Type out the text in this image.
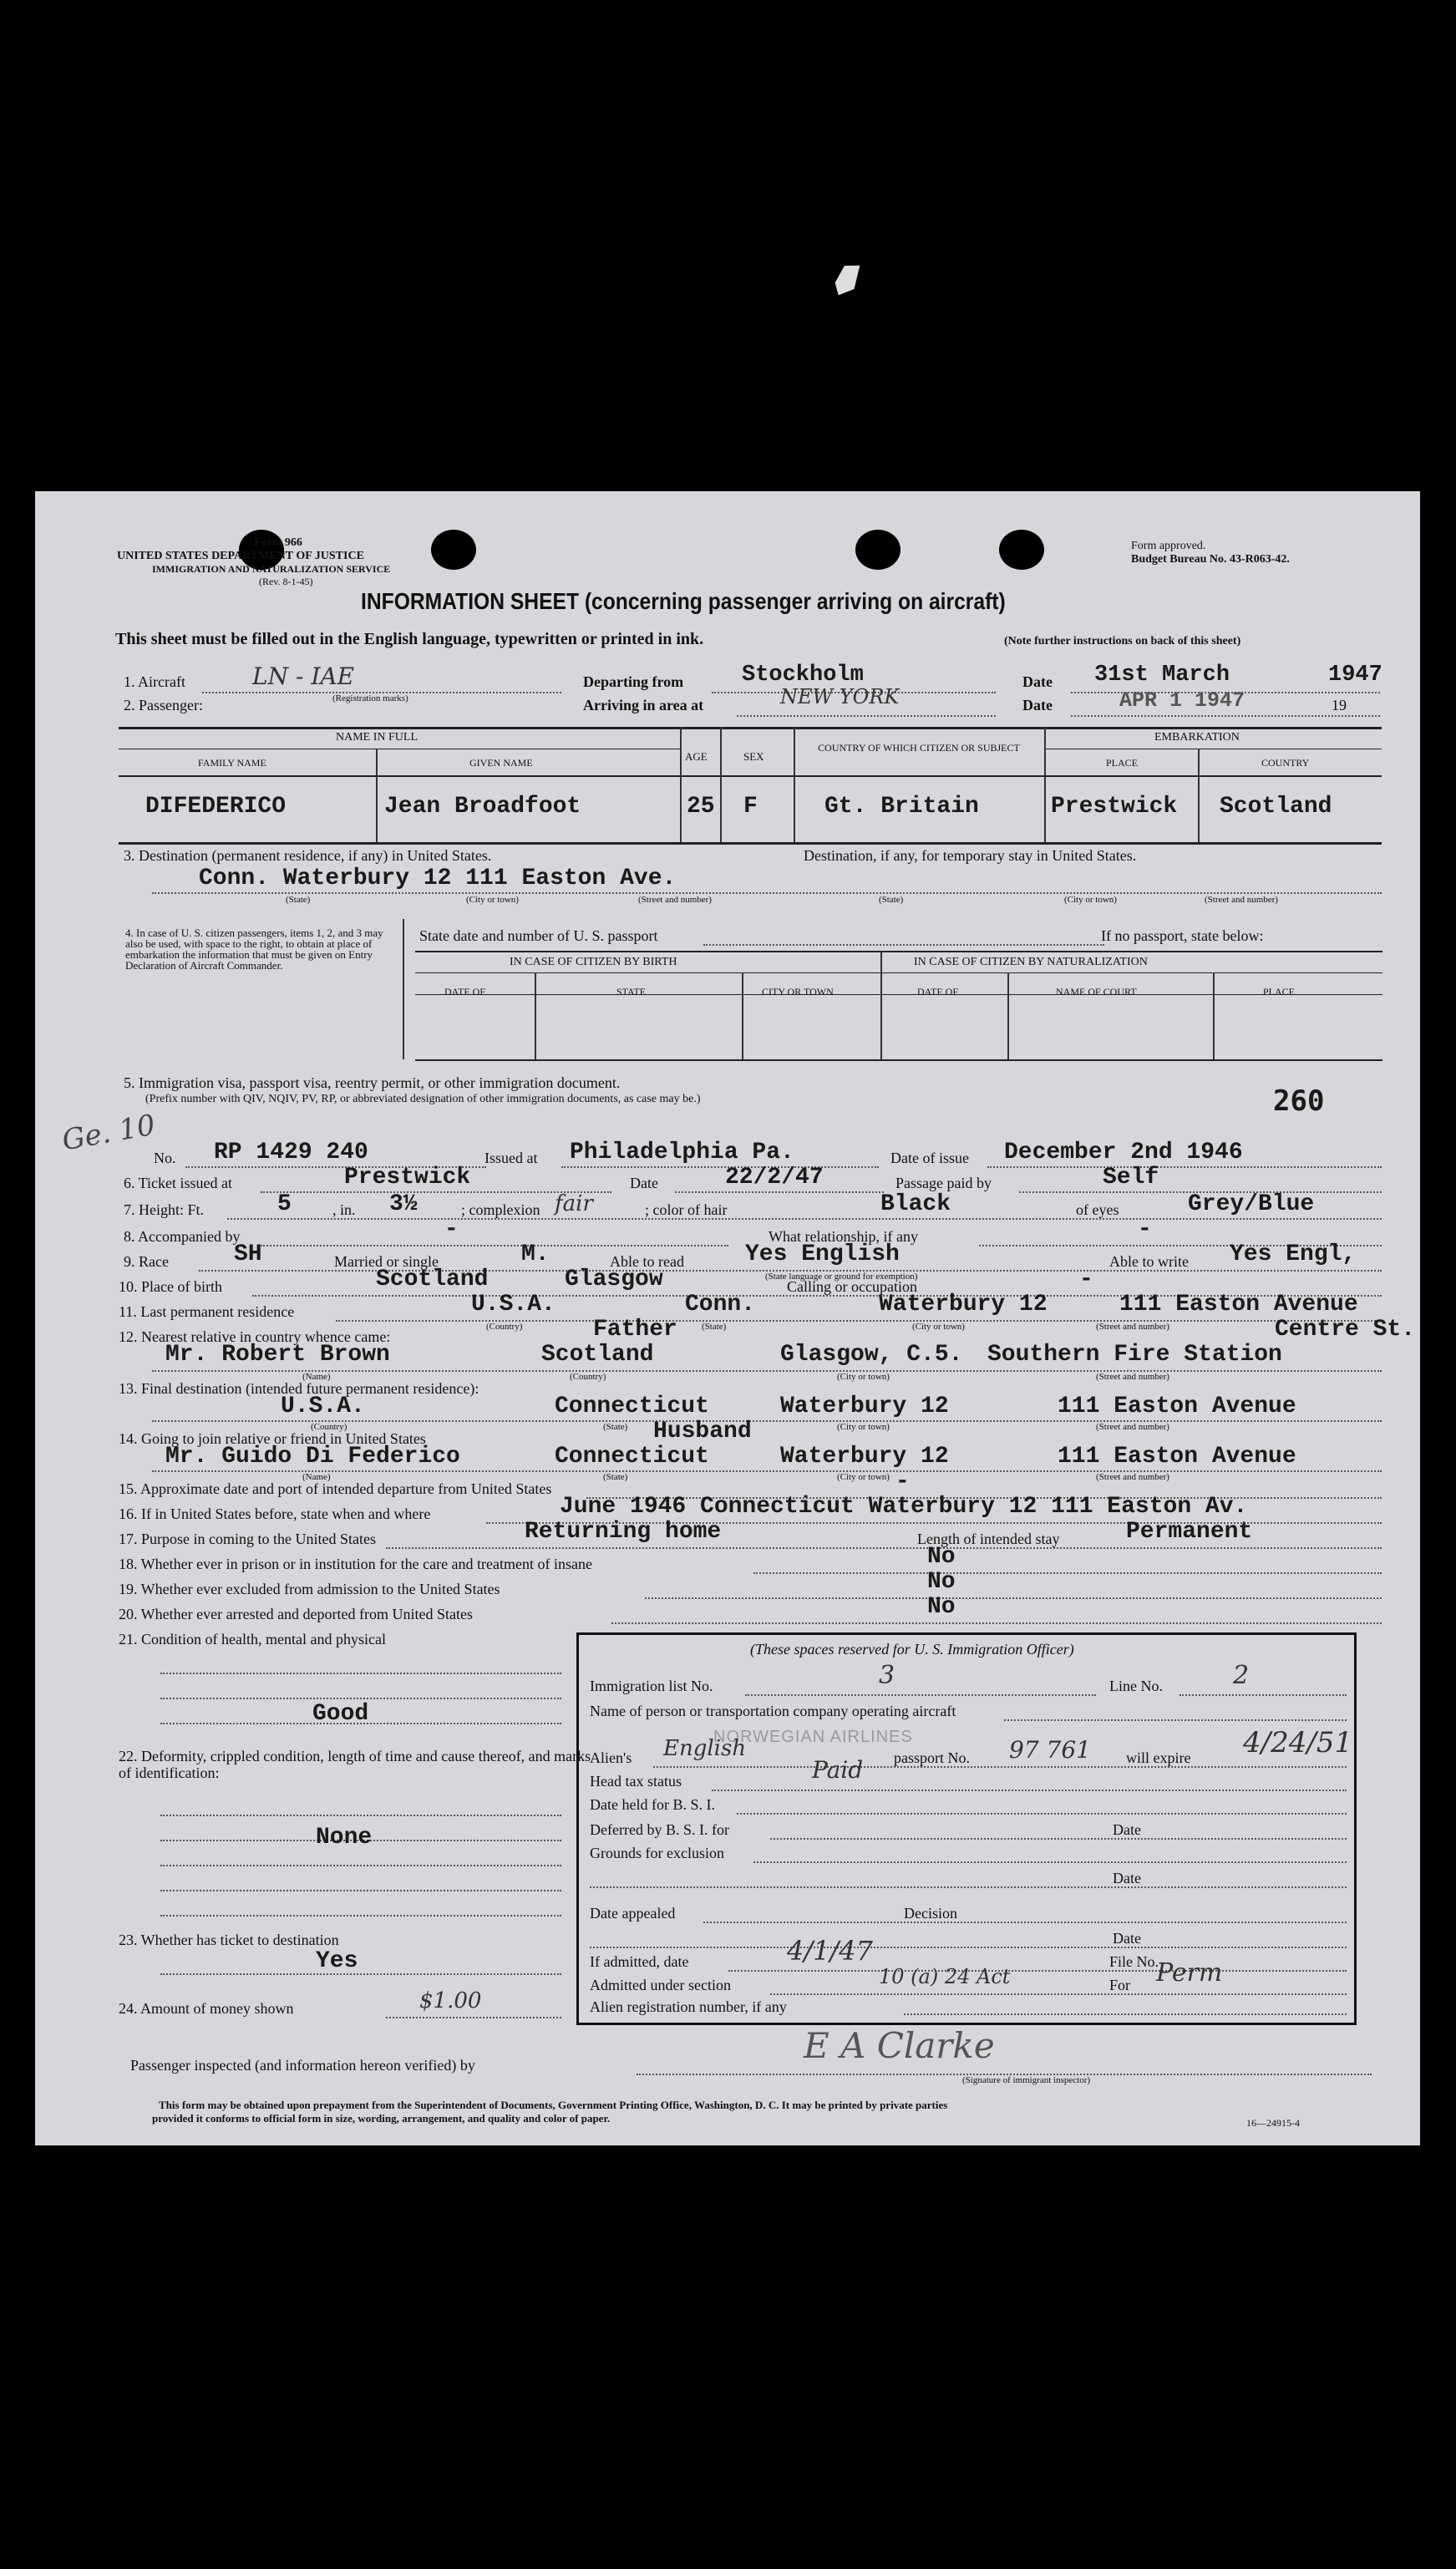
Form 966
UNITED STATES DEPARTMENT OF JUSTICE
IMMIGRATION AND NATURALIZATION SERVICE
(Rev. 8-1-45)
Form approved.
Budget Bureau No. 43-R063-42.
INFORMATION SHEET (concerning passenger arriving on aircraft)
This sheet must be filled out in the English language, typewritten or printed in ink.	(Note further instructions on back of this sheet)
1. Aircraft	LN - IAE
(Registration marks)
2. Passenger:
Departing from	Stockholm
Arriving in area at	NEW YORK
Date 31st March	1947
Date	APR 1 1947	19
NAME IN FULL
FAMILY NAME	GIVEN NAME	AGE	SEX
COUNTRY OF WHICH CITIZEN OR SUBJECT
EMBARKATION
PLACE	COUNTRY
DIFEDERICO	Jean Broadfoot	25 F	Gt. Britain	Prestwick Scotland
3. Destination (permanent residence, if any) in United States.	Destination, if any, for temporary stay in United States.
Conn. Waterbury 12 111 Easton Ave.
(State)	(City or town)	(Street and number)	(State)	(City or town)	(Street and number)
4. In case of U. S. citizen passengers, items 1, 2, and 3 may also be used, with space to the right, to obtain at place of embarkation the information that must be given on Entry Declaration of Aircraft Commander.
State date and number of U. S. passport	If no passport, state below:
IN CASE OF CITIZEN BY BIRTH	IN CASE OF CITIZEN BY NATURALIZATION
DATE OF	STATE	CITY OR TOWN	DATE OF	NAME OF COURT	PLACE
5. Immigration visa, passport visa, reentry permit, or other immigration document.
(Prefix number with QIV, NQIV, PV, RP, or abbreviated designation of other immigration documents, as case may be.)	260
Ge. 10
No. RP 1429 240	Issued at Philadelphia Pa.	Date of issue December 2nd 1946
6. Ticket issued at	Prestwick	Date	22/2/47	Passage paid by	Self
7. Height: Ft.	5	, in. 3½	; complexion fair	; color of hair	Black	of eyes	Grey/Blue
8. Accompanied by	-	What relationship, if any	-
9. Race	SH	Married or single	M.	Able to read	Yes English
(State language or ground for exemption)
Able to write Yes Engl,
10. Place of birth	Scotland	Glasgow	Calling or occupation	-
11. Last permanent residence	U.S.A.	Conn.	Waterbury 12	111 Easton Avenue
(Country)	(State)	(City or town)	(Street and number)
12. Nearest relative in country whence came:	Father	Centre St.
Mr. Robert Brown	Scotland	Glasgow, C.5. Southern Fire Station
(Name)	(Country)	(City or town)	(Street and number)
13. Final destination (intended future permanent residence):
U.S.A.	Connecticut	Waterbury 12	111 Easton Avenue
(Country)	(State)	(City or town)	(Street and number)
14. Going to join relative or friend in United States	Husband
Mr. Guido Di Federico	Connecticut	Waterbury 12	111 Easton Avenue
(Name)	(State)	(City or town)	(Street and number)
15. Approximate date and port of intended departure from United States	-
16. If in United States before, state when and where	June 1946 Connecticut Waterbury 12 111 Easton Av.
17. Purpose in coming to the United States	Returning home	Length of intended stay	Permanent
18. Whether ever in prison or in institution for the care and treatment of insane	No
19. Whether ever excluded from admission to the United States	No
20. Whether ever arrested and deported from United States	No
21. Condition of health, mental and physical
Good
22. Deformity, crippled condition, length of time and cause thereof, and marks of identification:
None
23. Whether has ticket to destination
Yes
24. Amount of money shown	$1.00
(These spaces reserved for U. S. Immigration Officer)
Immigration list No.	3	Line No.	2
Name of person or transportation company operating aircraft
NORWEGIAN AIRLINES
Alien's English	passport No. 97 761 will expire 4/24/51
Head tax status	Paid
Date held for B. S. I.
Deferred by B. S. I. for	Date
Grounds for exclusion
Date
Date appealed	Decision
Date
If admitted, date	4/1/47	File No.
Admitted under section	10 (a) 24 Act	For Perm
Alien registration number, if any
Passenger inspected (and information hereon verified) by	E A Clarke
(Signature of immigrant inspector)
This form may be obtained upon prepayment from the Superintendent of Documents, Government Printing Office, Washington, D. C. It may be printed by private parties
provided it conforms to official form in size, wording, arrangement, and quality and color of paper.	16—24915-4
